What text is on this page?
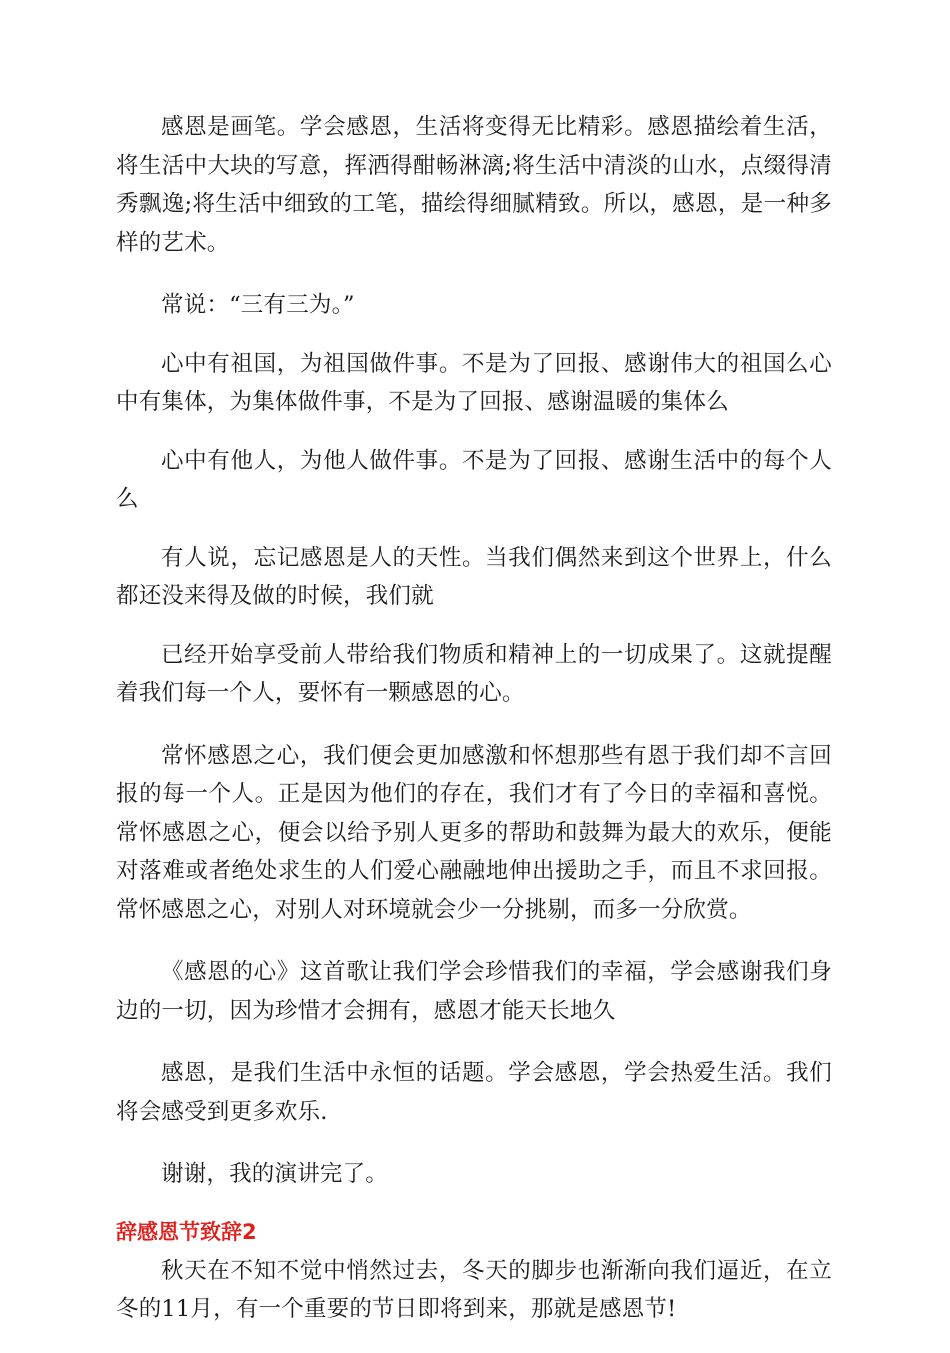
感恩是画笔。学会感恩，生活将变得无比精彩。感恩描绘着生活，将生活中大块的写意，挥洒得酣畅淋漓;将生活中清淡的山水，点缀得清秀飘逸;将生活中细致的工笔，描绘得细腻精致。所以，感恩，是一种多样的艺术。

常说：“三有三为。”

心中有祖国，为祖国做件事。不是为了回报、感谢伟大的祖国么心中有集体，为集体做件事，不是为了回报、感谢温暖的集体么

心中有他人，为他人做件事。不是为了回报、感谢生活中的每个人么

有人说，忘记感恩是人的天性。当我们偶然来到这个世界上，什么都还没来得及做的时候，我们就

已经开始享受前人带给我们物质和精神上的一切成果了。这就提醒着我们每一个人，要怀有一颗感恩的心。

常怀感恩之心，我们便会更加感激和怀想那些有恩于我们却不言回报的每一个人。正是因为他们的存在，我们才有了今日的幸福和喜悦。常怀感恩之心，便会以给予别人更多的帮助和鼓舞为最大的欢乐，便能对落难或者绝处求生的人们爱心融融地伸出援助之手，而且不求回报。常怀感恩之心，对别人对环境就会少一分挑剔，而多一分欣赏。

《感恩的心》这首歌让我们学会珍惜我们的幸福，学会感谢我们身边的一切，因为珍惜才会拥有，感恩才能天长地久

感恩，是我们生活中永恒的话题。学会感恩，学会热爱生活。我们将会感受到更多欢乐.

谢谢，我的演讲完了。

辞感恩节致辞2

秋天在不知不觉中悄然过去，冬天的脚步也渐渐向我们逼近，在立冬的11月，有一个重要的节日即将到来，那就是感恩节!
